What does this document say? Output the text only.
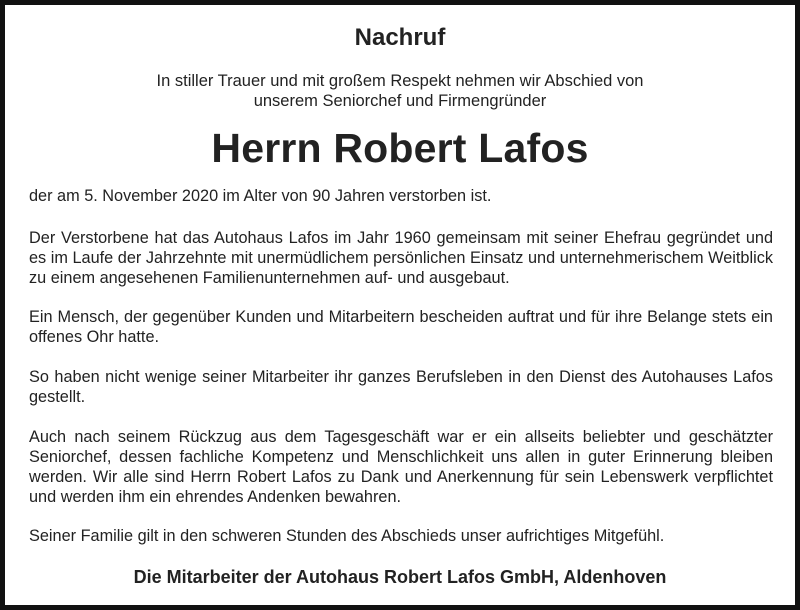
Nachruf
In stiller Trauer und mit großem Respekt nehmen wir Abschied von
unserem Seniorchef und Firmengründer
Herrn Robert Lafos
der am 5. November 2020 im Alter von 90 Jahren verstorben ist.
Der Verstorbene hat das Autohaus Lafos im Jahr 1960 gemeinsam mit seiner Ehefrau gegründet und es im Laufe der Jahrzehnte mit unermüdlichem persönlichen Einsatz und unternehmerischem Weitblick zu einem angesehenen Familienunternehmen auf- und ausgebaut.
Ein Mensch, der gegenüber Kunden und Mitarbeitern bescheiden auftrat und für ihre Belange stets ein offenes Ohr hatte.
So haben nicht wenige seiner Mitarbeiter ihr ganzes Berufsleben in den Dienst des Autohauses Lafos gestellt.
Auch nach seinem Rückzug aus dem Tagesgeschäft war er ein allseits beliebter und geschätzter Seniorchef, dessen fachliche Kompetenz und Menschlichkeit uns allen in guter Erinnerung bleiben werden. Wir alle sind Herrn Robert Lafos zu Dank und Anerkennung für sein Lebenswerk verpflichtet und werden ihm ein ehrendes Andenken bewahren.
Seiner Familie gilt in den schweren Stunden des Abschieds unser aufrichtiges Mitgefühl.
Die Mitarbeiter der Autohaus Robert Lafos GmbH, Aldenhoven
